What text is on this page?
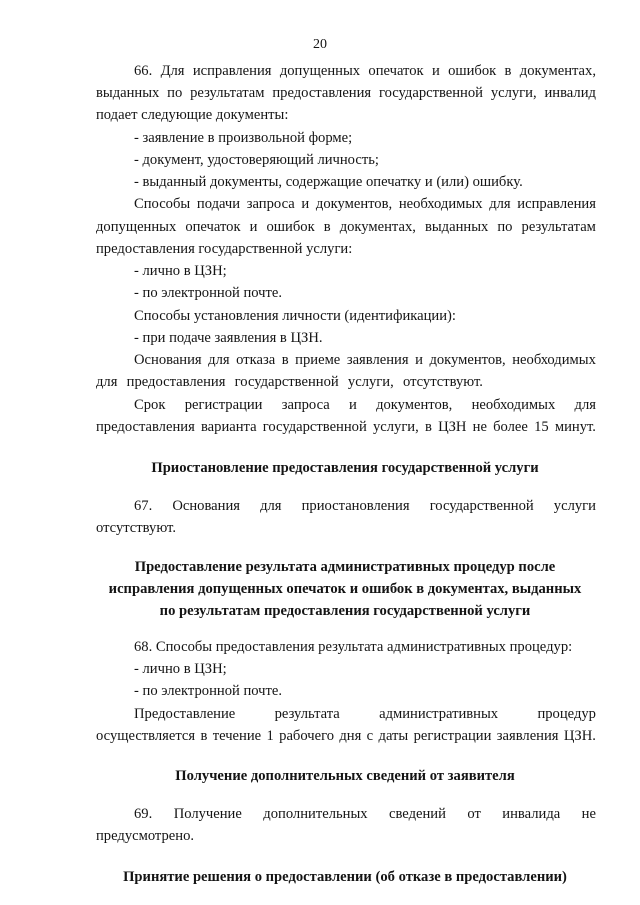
20
66. Для исправления допущенных опечаток и ошибок в документах,
выданных по результатам предоставления государственной услуги, инвалид
подает следующие документы:
- заявление в произвольной форме;
- документ, удостоверяющий личность;
- выданный документы, содержащие опечатку и (или) ошибку.
Способы подачи запроса и документов, необходимых для исправления
допущенных опечаток и ошибок в документах, выданных по результатам
предоставления государственной услуги:
- лично в ЦЗН;
- по электронной почте.
Способы установления личности (идентификации):
- при подаче заявления в ЦЗН.
Основания для отказа в приеме заявления и документов, необходимых
для предоставления государственной услуги, отсутствуют.
Срок регистрации запроса и документов, необходимых для
предоставления варианта государственной услуги, в ЦЗН не более 15 минут.
Приостановление предоставления государственной услуги
67. Основания для приостановления государственной услуги
отсутствуют.
Предоставление результата административных процедур после
исправления допущенных опечаток и ошибок в документах, выданных
по результатам предоставления государственной услуги
68. Способы предоставления результата административных процедур:
- лично в ЦЗН;
- по электронной почте.
Предоставление	результата	административных	процедур
осуществляется в течение 1 рабочего дня с даты регистрации заявления ЦЗН.
Получение дополнительных сведений от заявителя
69. Получение дополнительных сведений от инвалида не
предусмотрено.
Принятие решения о предоставлении (об отказе в предоставлении)
